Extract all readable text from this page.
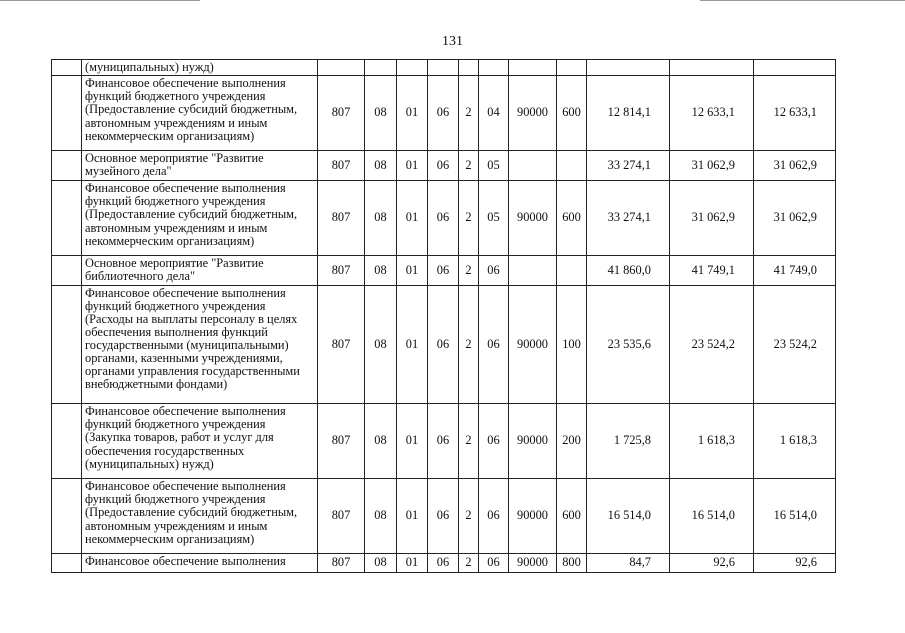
131
	(муниципальных) нужд)											
	Финансовое обеспечение выполнения функций бюджетного учреждения (Предоставление субсидий бюджетным, автономным учреждениям и иным некоммерческим организациям)	807	08	01	06	2	04	90000	600	12 814,1	12 633,1	12 633,1
	Основное мероприятие "Развитие музейного дела"	807	08	01	06	2	05			33 274,1	31 062,9	31 062,9
	Финансовое обеспечение выполнения функций бюджетного учреждения (Предоставление субсидий бюджетным, автономным учреждениям и иным некоммерческим организациям)	807	08	01	06	2	05	90000	600	33 274,1	31 062,9	31 062,9
	Основное мероприятие "Развитие библиотечного дела"	807	08	01	06	2	06			41 860,0	41 749,1	41 749,0
	Финансовое обеспечение выполнения функций бюджетного учреждения (Расходы на выплаты персоналу в целях обеспечения выполнения функций государственными (муниципальными) органами, казенными учреждениями, органами управления государственными внебюджетными фондами)	807	08	01	06	2	06	90000	100	23 535,6	23 524,2	23 524,2
	Финансовое обеспечение выполнения функций бюджетного учреждения (Закупка товаров, работ и услуг для обеспечения государственных (муниципальных) нужд)	807	08	01	06	2	06	90000	200	1 725,8	1 618,3	1 618,3
	Финансовое обеспечение выполнения функций бюджетного учреждения (Предоставление субсидий бюджетным, автономным учреждениям и иным некоммерческим организациям)	807	08	01	06	2	06	90000	600	16 514,0	16 514,0	16 514,0
	Финансовое обеспечение выполнения	807	08	01	06	2	06	90000	800	84,7	92,6	92,6
